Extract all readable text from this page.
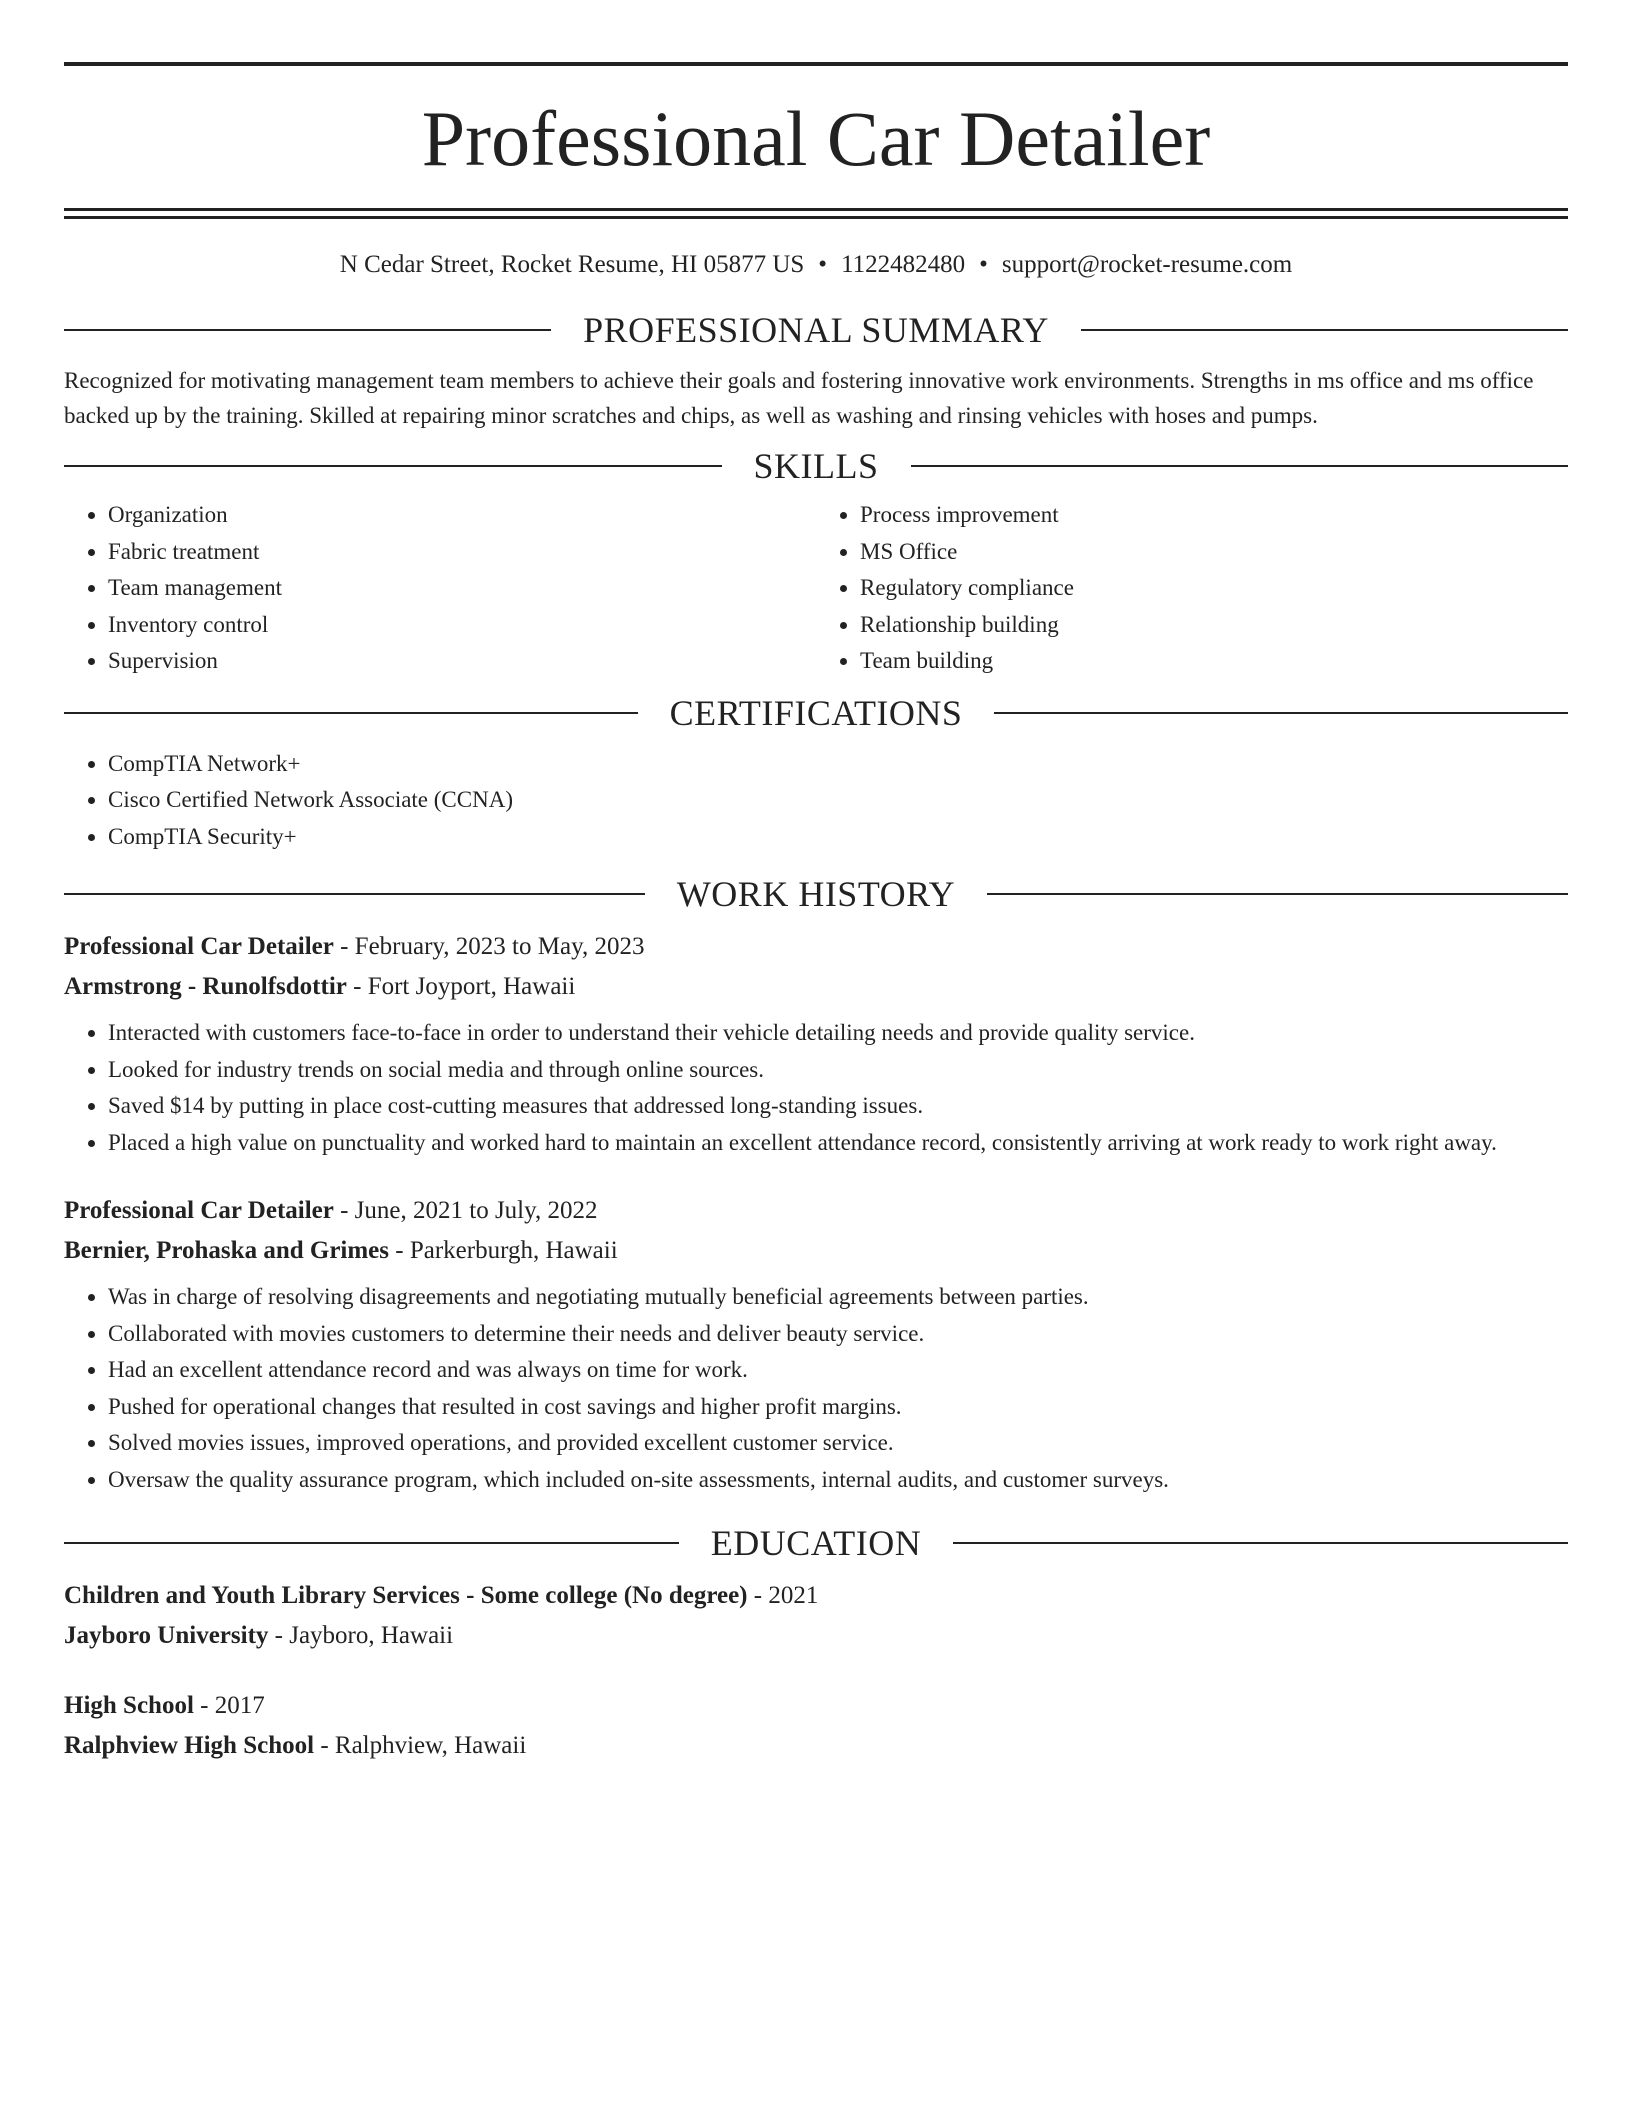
Professional Car Detailer
N Cedar Street, Rocket Resume, HI 05877 US • 1122482480 • support@rocket-resume.com
PROFESSIONAL SUMMARY

Recognized for motivating management team members to achieve their goals and fostering innovative work environments. Strengths in ms office and ms office backed up by the training. Skilled at repairing minor scratches and chips, as well as washing and rinsing vehicles with hoses and pumps.

SKILLS
• Organization
• Fabric treatment
• Team management
• Inventory control
• Supervision
• Process improvement
• MS Office
• Regulatory compliance
• Relationship building
• Team building
CERTIFICATIONS
• CompTIA Network+
• Cisco Certified Network Associate (CCNA)
• CompTIA Security+
WORK HISTORY
Professional Car Detailer - February, 2023 to May, 2023
Armstrong - Runolfsdottir - Fort Joyport, Hawaii
• Interacted with customers face-to-face in order to understand their vehicle detailing needs and provide quality service.
• Looked for industry trends on social media and through online sources.
• Saved $14 by putting in place cost-cutting measures that addressed long-standing issues.
• Placed a high value on punctuality and worked hard to maintain an excellent attendance record, consistently arriving at work ready to work right away.
Professional Car Detailer - June, 2021 to July, 2022
Bernier, Prohaska and Grimes - Parkerburgh, Hawaii
• Was in charge of resolving disagreements and negotiating mutually beneficial agreements between parties.
• Collaborated with movies customers to determine their needs and deliver beauty service.
• Had an excellent attendance record and was always on time for work.
• Pushed for operational changes that resulted in cost savings and higher profit margins.
• Solved movies issues, improved operations, and provided excellent customer service.
• Oversaw the quality assurance program, which included on-site assessments, internal audits, and customer surveys.
EDUCATION
Children and Youth Library Services - Some college (No degree) - 2021
Jayboro University - Jayboro, Hawaii
High School - 2017
Ralphview High School - Ralphview, Hawaii
